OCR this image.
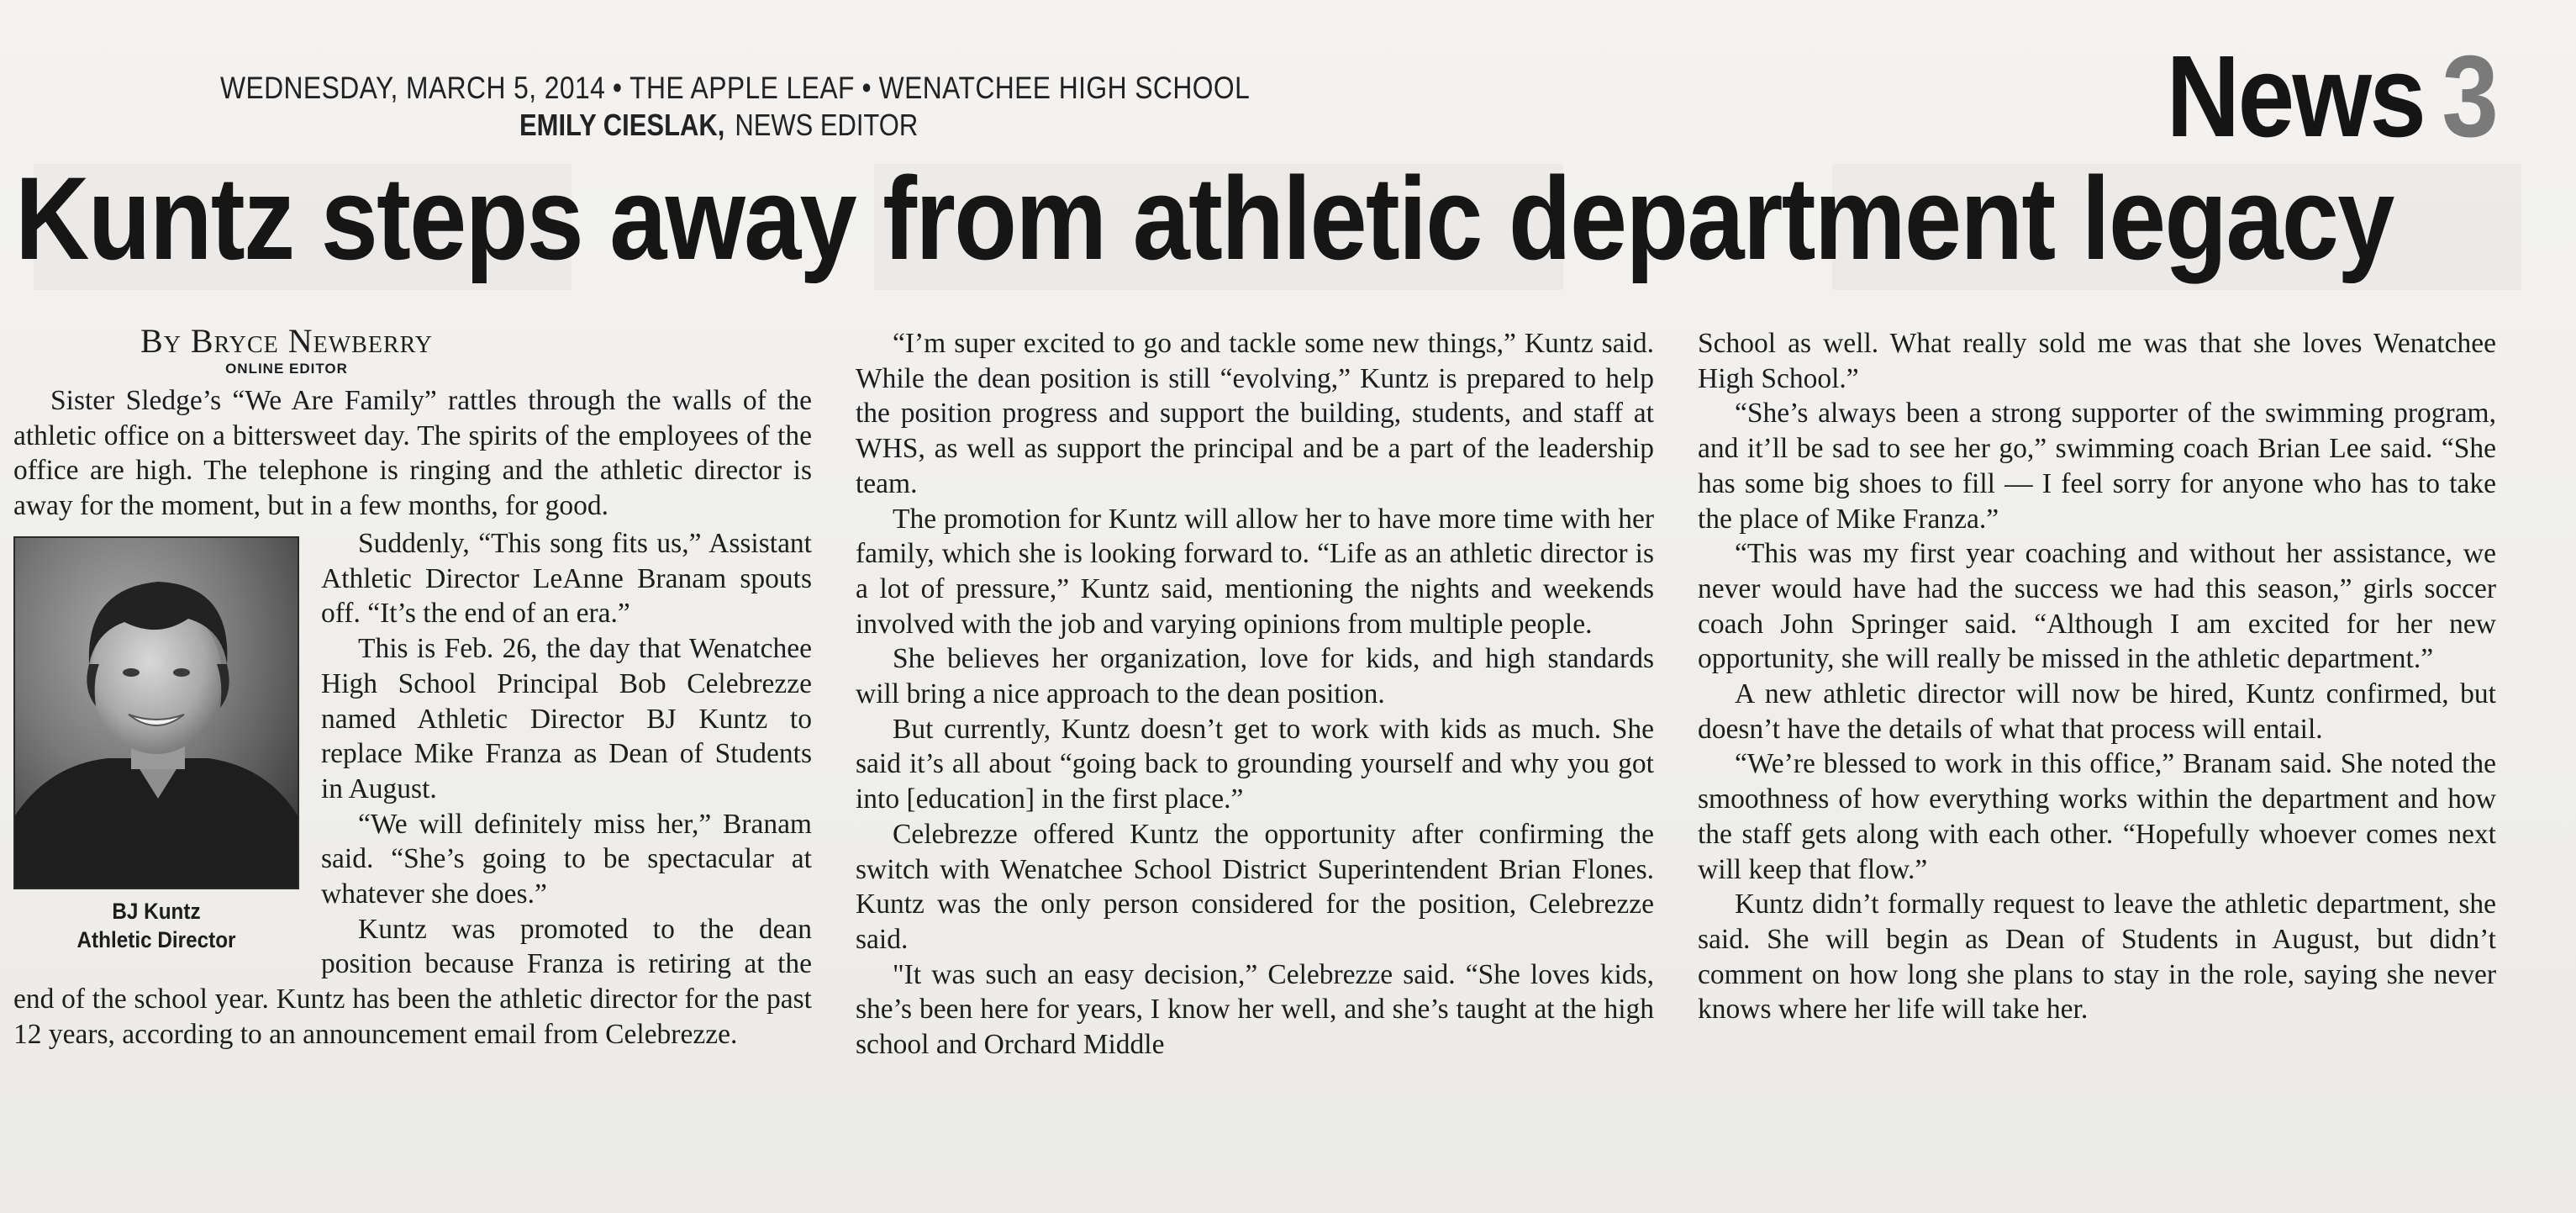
WEDNESDAY, MARCH 5, 2014 • THE APPLE LEAF • WENATCHEE HIGH SCHOOL
EMILY CIESLAK, NEWS EDITOR	News 3
Kuntz steps away from athletic department legacy
By Bryce Newberry
ONLINE EDITOR

Sister Sledge’s “We Are Family” rattles through the walls of the athletic office on a bittersweet day. The spirits of the employees of the office are high. The telephone is ringing and the athletic director is away for the moment, but in a few months, for good.

BJ Kuntz
Athletic Director

Suddenly, “This song fits us,” Assistant Athletic Director LeAnne Branam spouts off. “It’s the end of an era.”

This is Feb. 26, the day that Wenatchee High School Principal Bob Celebrezze named Athletic Director BJ Kuntz to replace Mike Franza as Dean of Students in August.

“We will definitely miss her,” Branam said. “She’s going to be spectacular at whatever she does.”

Kuntz was promoted to the dean position because Franza is retiring at the end of the school year. Kuntz has been the athletic director for the past 12 years, according to an announcement email from Celebrezze.

“I’m super excited to go and tackle some new things,” Kuntz said. While the dean position is still “evolving,” Kuntz is prepared to help the position progress and support the building, students, and staff at WHS, as well as support the principal and be a part of the leadership team.

The promotion for Kuntz will allow her to have more time with her family, which she is looking forward to. “Life as an athletic director is a lot of pressure,” Kuntz said, mentioning the nights and weekends involved with the job and varying opinions from multiple people.

She believes her organization, love for kids, and high standards will bring a nice approach to the dean position.

But currently, Kuntz doesn’t get to work with kids as much. She said it’s all about “going back to grounding yourself and why you got into [education] in the first place.”

Celebrezze offered Kuntz the opportunity after confirming the switch with Wenatchee School District Superintendent Brian Flones. Kuntz was the only person considered for the position, Celebrezze said.

"It was such an easy decision,” Celebrezze said. “She loves kids, she’s been here for years, I know her well, and she’s taught at the high school and Orchard Middle

School as well. What really sold me was that she loves Wenatchee High School.”

“She’s always been a strong supporter of the swimming program, and it’ll be sad to see her go,” swimming coach Brian Lee said. “She has some big shoes to fill — I feel sorry for anyone who has to take the place of Mike Franza.”

“This was my first year coaching and without her assistance, we never would have had the success we had this season,” girls soccer coach John Springer said. “Although I am excited for her new opportunity, she will really be missed in the athletic department.”

A new athletic director will now be hired, Kuntz confirmed, but doesn’t have the details of what that process will entail.

“We’re blessed to work in this office,” Branam said. She noted the smoothness of how everything works within the department and how the staff gets along with each other. “Hopefully whoever comes next will keep that flow.”

Kuntz didn’t formally request to leave the athletic department, she said. She will begin as Dean of Students in August, but didn’t comment on how long she plans to stay in the role, saying she never knows where her life will take her.
